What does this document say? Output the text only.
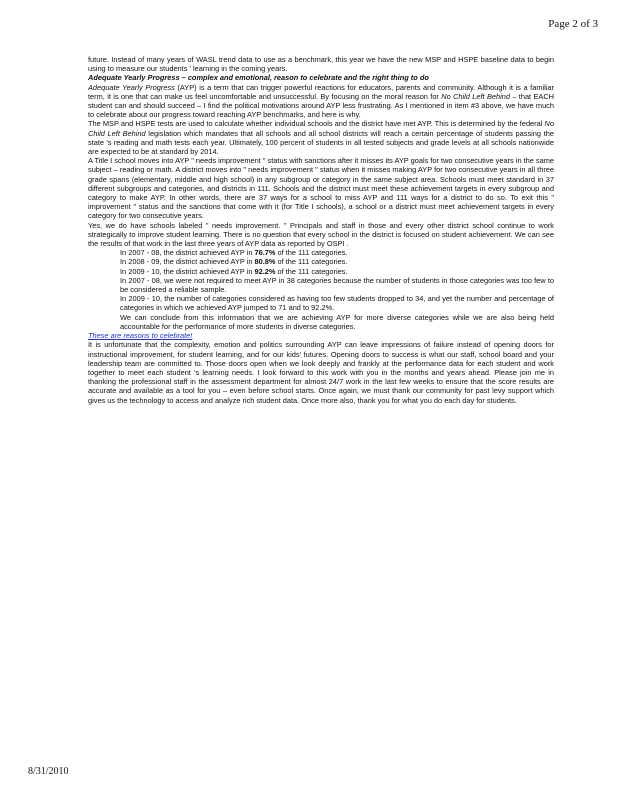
Page 2 of 3

future. Instead of many years of WASL trend data to use as a benchmark, this year we have the new MSP and HSPE baseline data to begin using to measure our students ' learning in the coming years.

Adequate Yearly Progress – complex and emotional, reason to celebrate and the right thing to do

Adequate Yearly Progress (AYP) is a term that can trigger powerful reactions for educators, parents and community. Although it is a familiar term, it is one that can make us feel uncomfortable and unsuccessful. By focusing on the moral reason for No Child Left Behind – that EACH student can and should succeed – I find the political motivations around AYP less frustrating. As I mentioned in item #3 above, we have much to celebrate about our progress toward reaching AYP benchmarks, and here is why.

The MSP and HSPE tests are used to calculate whether individual schools and the district have met AYP. This is determined by the federal No Child Left Behind legislation which mandates that all schools and all school districts will reach a certain percentage of students passing the state 's reading and math tests each year. Ultimately, 100 percent of students in all tested subjects and grade levels at all schools nationwide are expected to be at standard by 2014.

A Title I school moves into AYP " needs improvement " status with sanctions after it misses its AYP goals for two consecutive years in the same subject – reading or math. A district moves into " needs improvement " status when it misses making AYP for two consecutive years in all three grade spans (elementary, middle and high school) in any subgroup or category in the same subject area. Schools must meet standard in 37 different subgroups and categories, and districts in 111. Schools and the district must meet these achievement targets in every subgroup and category to make AYP. In other words, there are 37 ways for a school to miss AYP and 111 ways for a district to do so. To exit this " improvement " status and the sanctions that come with it (for Title I schools), a school or a district must meet achievement targets in every category for two consecutive years.

Yes, we do have schools labeled " needs improvement. " Principals and staff in those and every other district school continue to work strategically to improve student learning. There is no question that every school in the district is focused on student achievement. We can see the results of that work in the last three years of AYP data as reported by OSPI .

In 2007 - 08, the district achieved AYP in 76.7% of the 111 categories.

In 2008 - 09, the district achieved AYP in 80.8% of the 111 categories.

In 2009 - 10, the district achieved AYP in 92.2% of the 111 categories.

In 2007 - 08, we were not required to meet AYP in 38 categories because the number of students in those categories was too few to be considered a reliable sample.

In 2009 - 10, the number of categories considered as having too few students dropped to 34, and yet the number and percentage of categories in which we achieved AYP jumped to 71 and to 92.2%.

We can conclude from this information that we are achieving AYP for more diverse categories while we are also being held accountable for the performance of more students in diverse categories.

These are reasons to celebrate!

It is unfortunate that the complexity, emotion and politics surrounding AYP can leave impressions of failure instead of opening doors for instructional improvement, for student learning, and for our kids' futures. Opening doors to success is what our staff, school board and your leadership team are committed to. Those doors open when we look deeply and frankly at the performance data for each student and work together to meet each student 's learning needs. I look forward to this work with you in the months and years ahead. Please join me in thanking the professional staff in the assessment department for almost 24/7 work in the last few weeks to ensure that the score results are accurate and available as a tool for you – even before school starts. Once again, we must thank our community for past levy support which gives us the technology to access and analyze rich student data. Once more also, thank you for what you do each day for students.

8/31/2010
